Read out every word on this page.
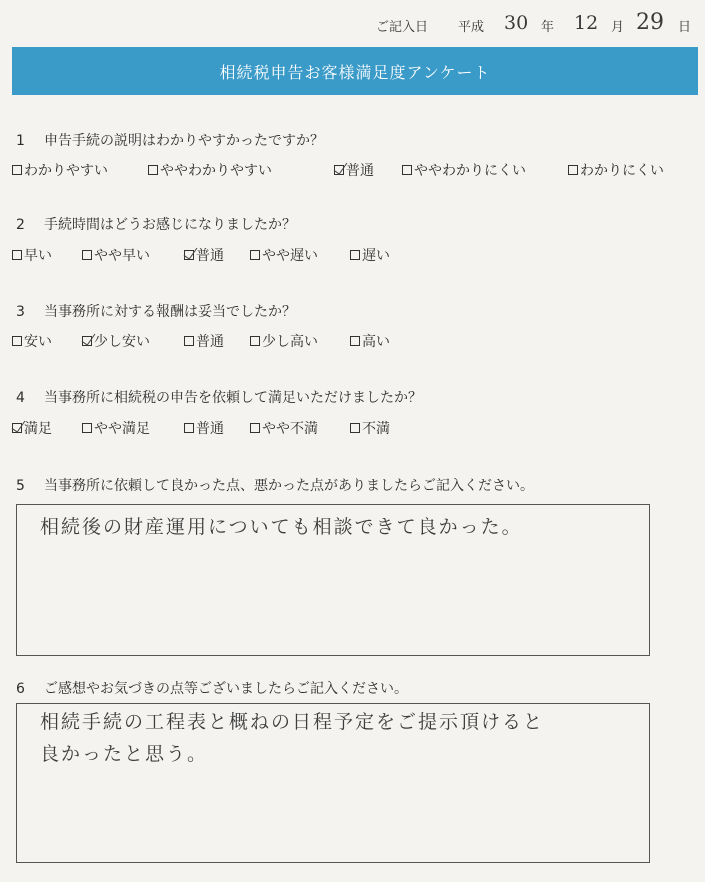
ご記入日 平成 30 年 12 月 29 日
相続税申告お客様満足度アンケート
1 申告手続の説明はわかりやすかったですか？
わかりやすい	ややわかりやすい	普通	ややわかりにくい	わかりにくい
2 手続時間はどうお感じになりましたか？
早い	やや早い	普通	やや遅い	遅い
3 当事務所に対する報酬は妥当でしたか？
安い	少し安い	普通	少し高い	高い
4 当事務所に相続税の申告を依頼して満足いただけましたか？
満足	やや満足	普通	やや不満	不満
5 当事務所に依頼して良かった点、悪かった点がありましたらご記入ください。
相続後の財産運用についても相談できて良かった。
6 ご感想やお気づきの点等ございましたらご記入ください。
相続手続の工程表と概ねの日程予定をご提示頂けると
良かったと思う。
